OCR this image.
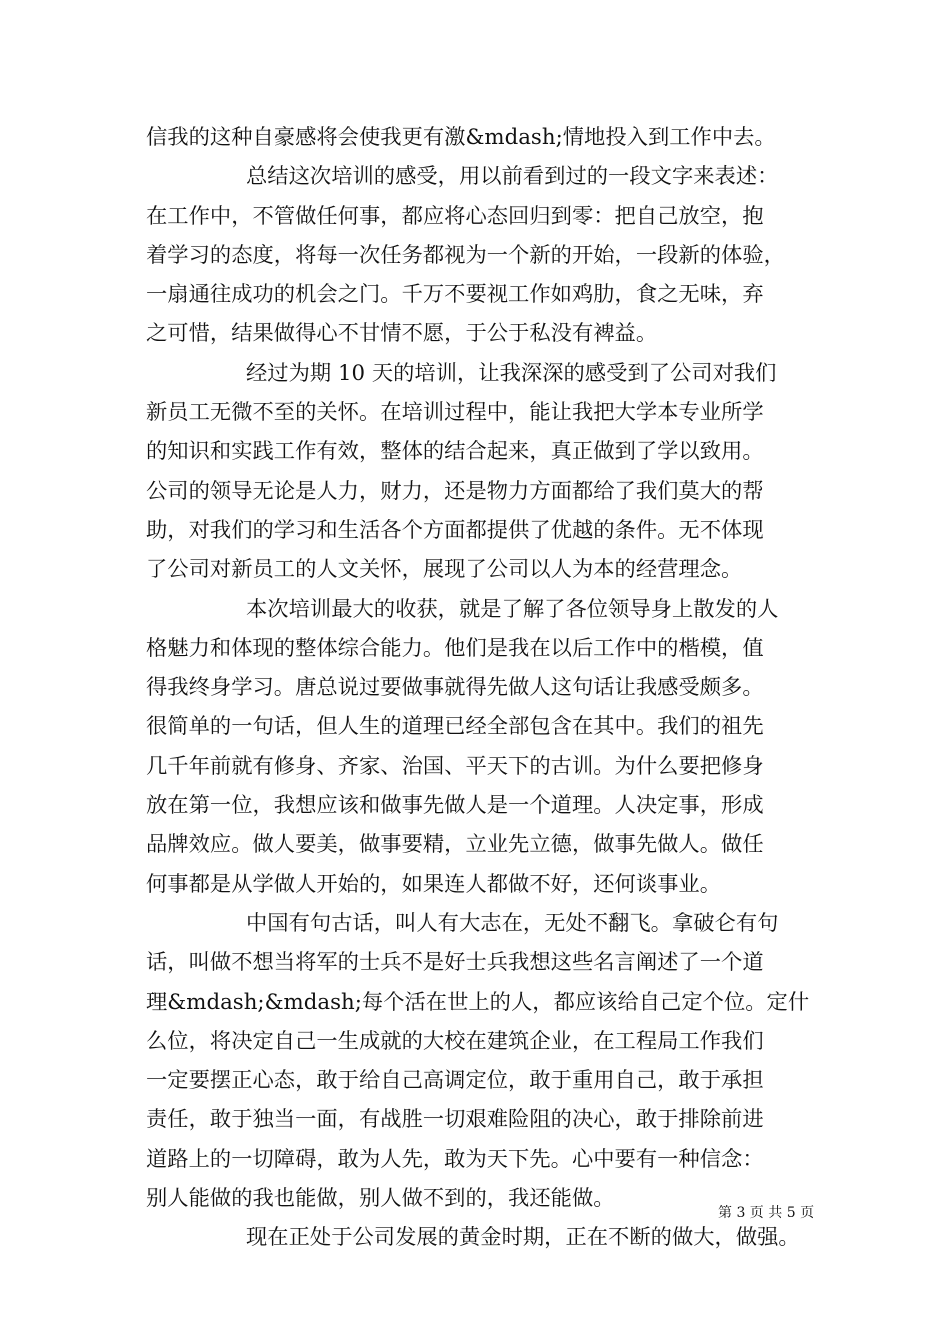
信我的这种自豪感将会使我更有激&mdash;情地投入到工作中去。
总结这次培训的感受，用以前看到过的一段文字来表述：
在工作中，不管做任何事，都应将心态回归到零：把自己放空，抱
着学习的态度，将每一次任务都视为一个新的开始，一段新的体验，
一扇通往成功的机会之门。千万不要视工作如鸡肋，食之无味，弃
之可惜，结果做得心不甘情不愿，于公于私没有裨益。
经过为期 10 天的培训，让我深深的感受到了公司对我们
新员工无微不至的关怀。在培训过程中，能让我把大学本专业所学
的知识和实践工作有效，整体的结合起来，真正做到了学以致用。
公司的领导无论是人力，财力，还是物力方面都给了我们莫大的帮
助，对我们的学习和生活各个方面都提供了优越的条件。无不体现
了公司对新员工的人文关怀，展现了公司以人为本的经营理念。
本次培训最大的收获，就是了解了各位领导身上散发的人
格魅力和体现的整体综合能力。他们是我在以后工作中的楷模，值
得我终身学习。唐总说过要做事就得先做人这句话让我感受颇多。
很简单的一句话，但人生的道理已经全部包含在其中。我们的祖先
几千年前就有修身、齐家、治国、平天下的古训。为什么要把修身
放在第一位，我想应该和做事先做人是一个道理。人决定事，形成
品牌效应。做人要美，做事要精，立业先立德，做事先做人。做任
何事都是从学做人开始的，如果连人都做不好，还何谈事业。
中国有句古话，叫人有大志在，无处不翻飞。拿破仑有句
话，叫做不想当将军的士兵不是好士兵我想这些名言阐述了一个道
理&mdash;&mdash;每个活在世上的人，都应该给自己定个位。定什
么位，将决定自己一生成就的大校在建筑企业，在工程局工作我们
一定要摆正心态，敢于给自己高调定位，敢于重用自己，敢于承担
责任，敢于独当一面，有战胜一切艰难险阻的决心，敢于排除前进
道路上的一切障碍，敢为人先，敢为天下先。心中要有一种信念：
别人能做的我也能做，别人做不到的，我还能做。
现在正处于公司发展的黄金时期，正在不断的做大，做强。
第 3 页 共 5 页
